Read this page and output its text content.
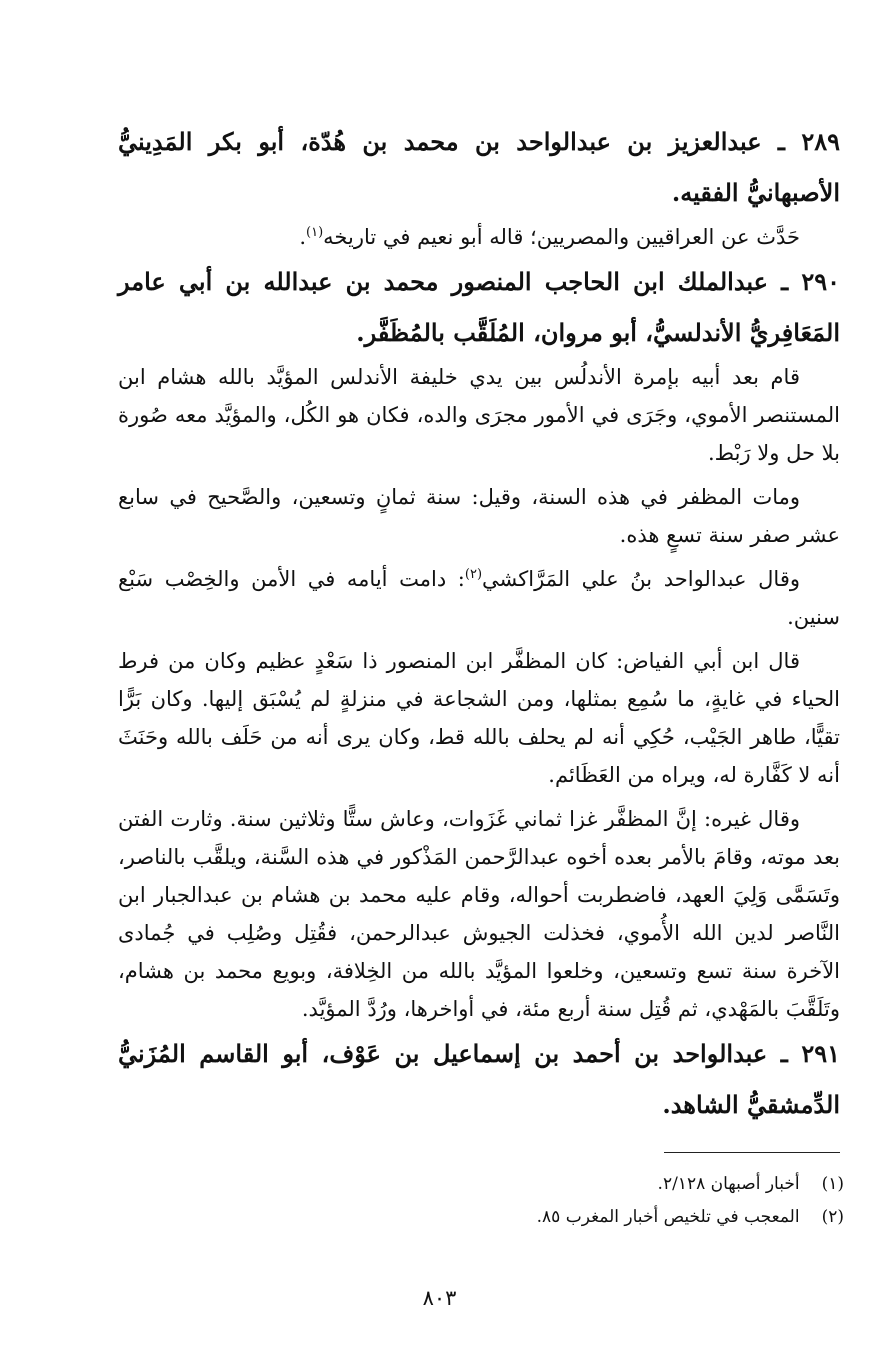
٢٨٩ ـ عبدالعزيز بن عبدالواحد بن محمد بن هُدّة، أبو بكر المَدِينيُّ الأصبهانيُّ الفقيه.

حَدَّث عن العراقيين والمصريين؛ قاله أبو نعيم في تاريخه$^{(١)}$.

٢٩٠ ـ عبدالملك ابن الحاجب المنصور محمد بن عبدالله بن أبي عامر المَعَافِريُّ الأندلسيُّ، أبو مروان، المُلَقَّب بالمُظَفَّر.

قام بعد أبيه بإمرة الأندلُس بين يدي خليفة الأندلس المؤيَّد بالله هشام ابن المستنصر الأموي، وجَرَى في الأمور مجرَى والده، فكان هو الكُل، والمؤيَّد معه صُورة بلا حل ولا رَبْط.

ومات المظفر في هذه السنة، وقيل: سنة ثمانٍ وتسعين، والصَّحيح في سابع عشر صفر سنة تسعٍ هذه.

وقال عبدالواحد بنُ علي المَرَّاكشي$^{(٢)}$: دامت أيامه في الأمن والخِصْب سَبْع سنين.

قال ابن أبي الفياض: كان المظفَّر ابن المنصور ذا سَعْدٍ عظيم وكان من فرط الحياء في غايةٍ، ما سُمِع بمثلها، ومن الشجاعة في منزلةٍ لم يُسْبَق إليها. وكان بَرًّا تقيًّا، طاهر الجَيْب، حُكِي أنه لم يحلف بالله قط، وكان يرى أنه من حَلَف بالله وحَنَثَ أنه لا كَفَّارة له، ويراه من العَظَائم.

وقال غيره: إنَّ المظفَّر غزا ثماني غَزَوات، وعاش ستًّا وثلاثين سنة. وثارت الفتن بعد موته، وقامَ بالأمر بعده أخوه عبدالرَّحمن المَذْكور في هذه السَّنة، ويلقَّب بالناصر، وتَسَمَّى وَلِيَ العهد، فاضطربت أحواله، وقام عليه محمد بن هشام بن عبدالجبار ابن النَّاصر لدين الله الأُموي، فخذلت الجيوش عبدالرحمن، فقُتِل وصُلِب في جُمادى الآخرة سنة تسع وتسعين، وخلعوا المؤيَّد بالله من الخِلافة، وبويع محمد بن هشام، وتَلَقَّبَ بالمَهْدي، ثم قُتِل سنة أربع مئة، في أواخرها، ورُدَّ المؤيَّد.

٢٩١ ـ عبدالواحد بن أحمد بن إسماعيل بن عَوْف، أبو القاسم المُزَنيُّ الدِّمشقيُّ الشاهد.

(١)أخبار أصبهان ٢/١٢٨.
(٢)المعجب في تلخيص أخبار المغرب ٨٥.
٨٠٣
